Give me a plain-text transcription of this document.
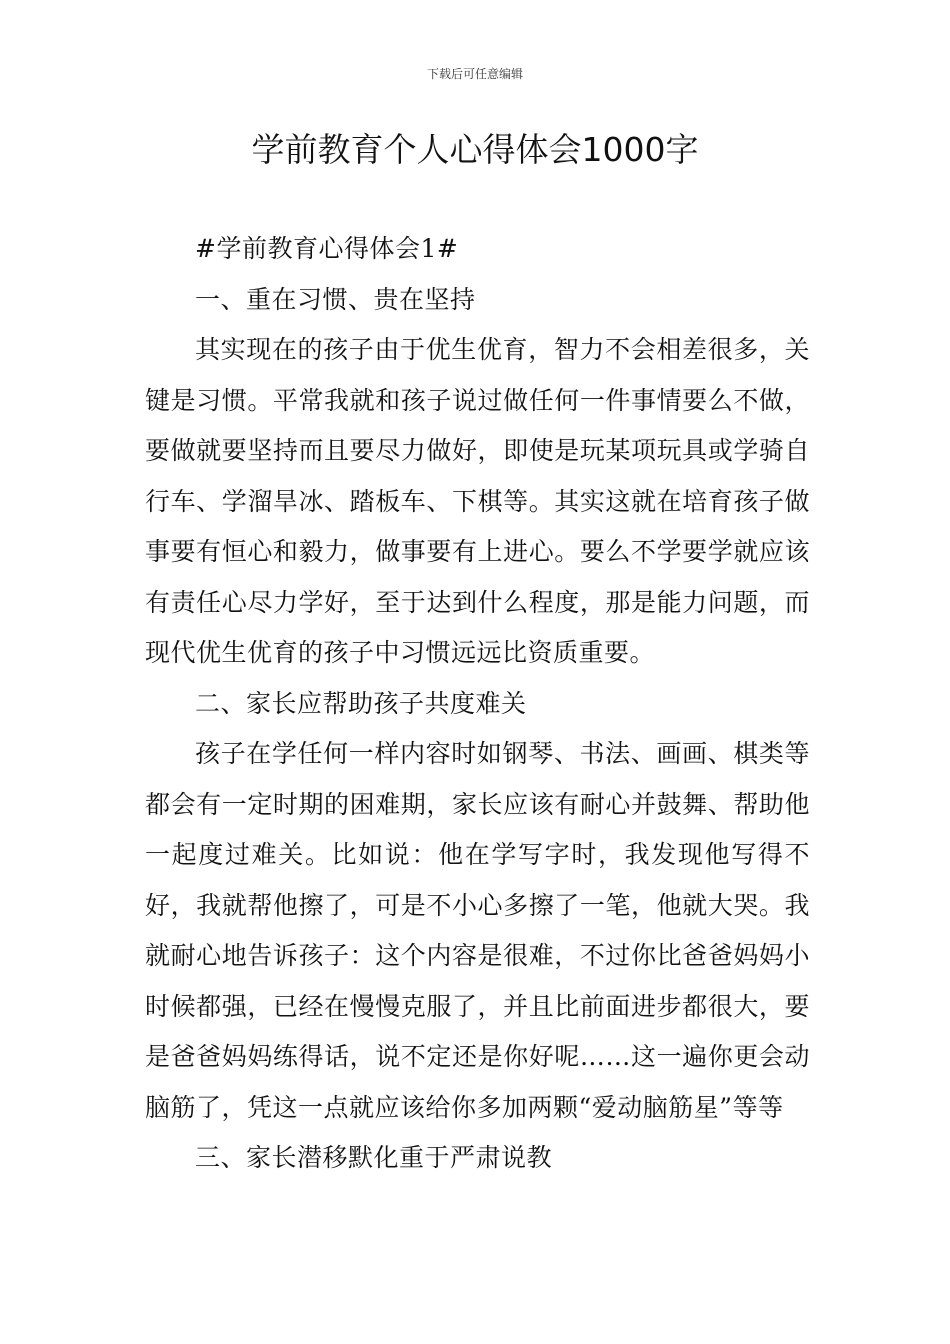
下载后可任意编辑
学前教育个人心得体会1000字

#学前教育心得体会1#

一、重在习惯、贵在坚持

其实现在的孩子由于优生优育，智力不会相差很多，关键是习惯。平常我就和孩子说过做任何一件事情要么不做，要做就要坚持而且要尽力做好，即使是玩某项玩具或学骑自行车、学溜旱冰、踏板车、下棋等。其实这就在培育孩子做事要有恒心和毅力，做事要有上进心。要么不学要学就应该有责任心尽力学好，至于达到什么程度，那是能力问题，而现代优生优育的孩子中习惯远远比资质重要。

二、家长应帮助孩子共度难关

孩子在学任何一样内容时如钢琴、书法、画画、棋类等都会有一定时期的困难期，家长应该有耐心并鼓舞、帮助他一起度过难关。比如说：他在学写字时，我发现他写得不好，我就帮他擦了，可是不小心多擦了一笔，他就大哭。我就耐心地告诉孩子：这个内容是很难，不过你比爸爸妈妈小时候都强，已经在慢慢克服了，并且比前面进步都很大，要是爸爸妈妈练得话，说不定还是你好呢……这一遍你更会动脑筋了，凭这一点就应该给你多加两颗“爱动脑筋星”等等

三、家长潜移默化重于严肃说教
